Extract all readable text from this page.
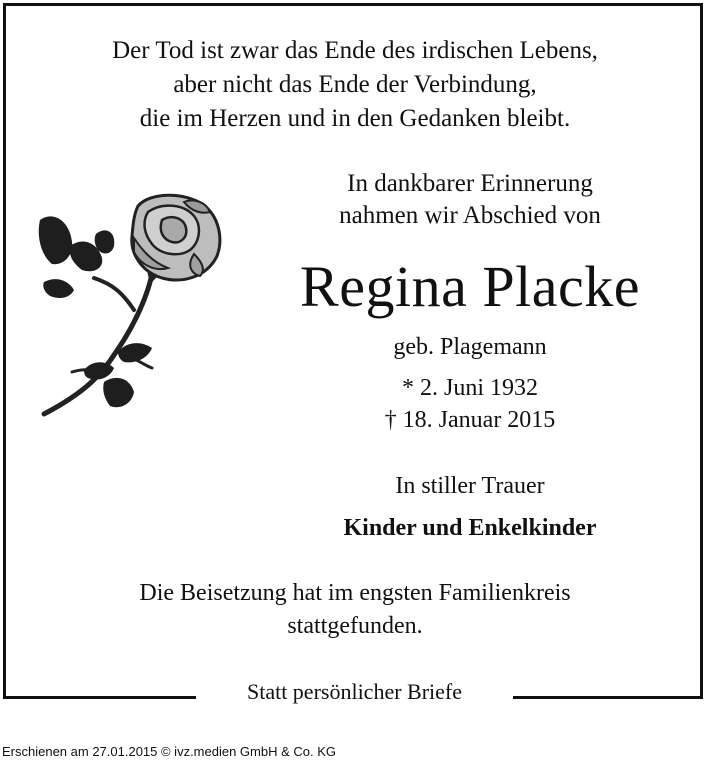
Der Tod ist zwar das Ende des irdischen Lebens,
aber nicht das Ende der Verbindung,
die im Herzen und in den Gedanken bleibt.
In dankbarer Erinnerung
nahmen wir Abschied von
Regina Placke
geb. Plagemann
* 2. Juni 1932
† 18. Januar 2015
In stiller Trauer
Kinder und Enkelkinder
Die Beisetzung hat im engsten Familienkreis
stattgefunden.
Statt persönlicher Briefe
Erschienen am 27.01.2015 © ivz.medien GmbH & Co. KG
